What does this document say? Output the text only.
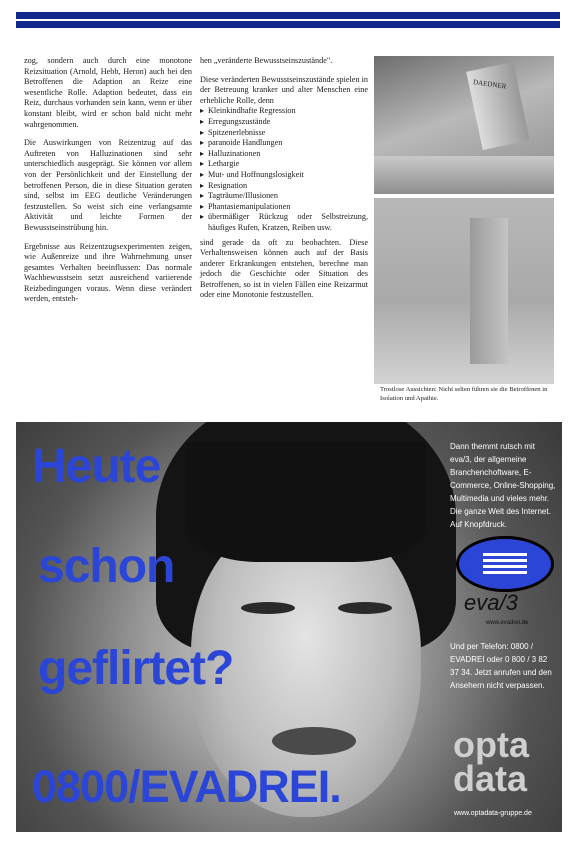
zog, sondern auch durch eine monotone Reizsituation (Arnold, Hebb, Heron) auch bei den Betroffenen die Adaption an Reize eine wesentliche Rolle. Adaption bedeutet, dass ein Reiz, durchaus vorhanden sein kann, wenn er über konstant bleibt, wird er schon bald nicht mehr wahrgenommen.

Die Auswirkungen von Reizentzug auf das Auftreten von Halluzinationen sind sehr unterschiedlich ausgeprägt. Sie können vor allem von der Persönlichkeit und der Einstellung der betroffenen Person, die in diese Situation geraten sind, selbst im EEG deutliche Veränderungen festzustellen. So weist sich eine verlangsamte Aktivität und leichte Formen der Bewusstseinstrübung hin.

Ergebnisse aus Reizentzugsexperimenten zeigen, wie Außenreize und ihre Wahrnehmung unser gesamtes Verhalten beeinflussen: Das normale Wachbewusstsein setzt ausreichend variierende Reizbedingungen voraus. Wenn diese verändert werden, entsteh-

hen „veränderte Bewusstseinszustände".

Diese veränderten Bewusstseinszustände spielen in der Betreuung kranker und alter Menschen eine erhebliche Rolle, denn

▸ Kleinkindhafte Regression
▸ Erregungszustände
▸ Spitzenerlebnisse
▸ paranoide Handlungen
▸ Halluzinationen
▸ Lethargie
▸ Mut- und Hoffnungslosigkeit
▸ Resignation
▸ Tagträume/Illusionen
▸ Phantasiemanipulationen
▸ übermäßiger Rückzug oder Selbstreizung, häufiges Rufen, Kratzen, Reiben usw.

sind gerade da oft zu beobachten. Diese Verhaltensweisen können auch auf der Basis anderer Erkrankungen entstehen, berechne man jedoch die Geschichte oder Situation des Betroffenen, so ist in vielen Fällen eine Reizarmut oder eine Monotonie festzustellen.

DAEDNER
Trostlose Aussichten: Nicht selten führen sie die Betroffenen in Isolation und Apathie.
Heute
schon
geflirtet?
0800/EVADREI.
Dann themmt rutsch mit eva/3, der allgemeine Branchenchoftware, E-Commerce, Online-Shopping, Multimedia und vieles mehr. Die ganze Welt des Internet. Auf Knopfdruck.
eva/3
www.evadrei.de
Und per Telefon: 0800 / EVADREI oder 0 800 / 3 82 37 34. Jetzt anrufen und den Ansehern nicht verpassen.
opta
data
www.optadata-gruppe.de
